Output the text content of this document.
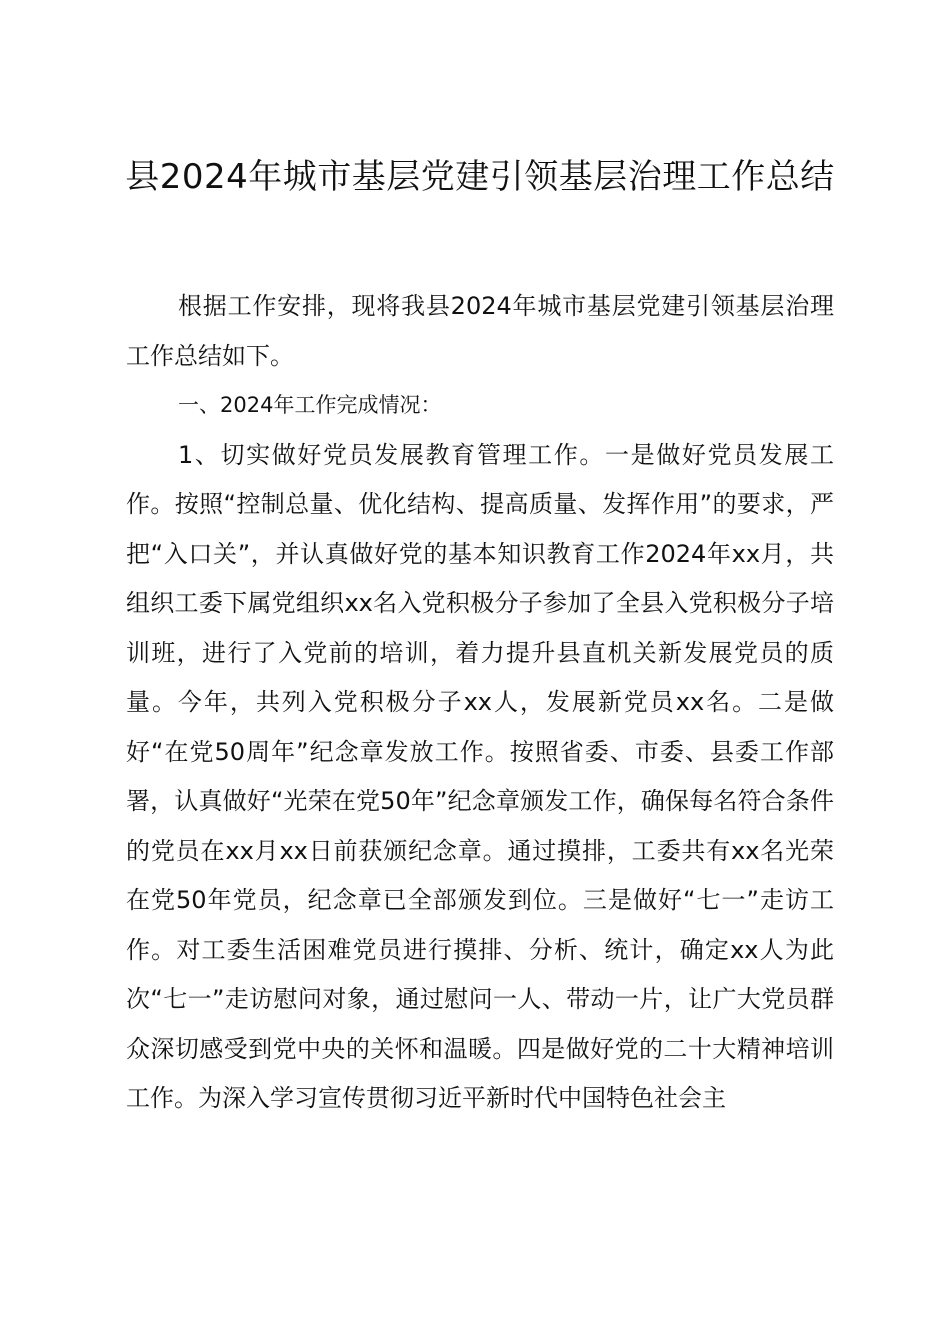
县2024年城市基层党建引领基层治理工作总结

根据工作安排，现将我县2024年城市基层党建引领基层治理工作总结如下。

一、2024年工作完成情况：

1、切实做好党员发展教育管理工作。一是做好党员发展工作。按照“控制总量、优化结构、提高质量、发挥作用”的要求，严把“入口关”，并认真做好党的基本知识教育工作2024年xx月，共组织工委下属党组织xx名入党积极分子参加了全县入党积极分子培训班，进行了入党前的培训，着力提升县直机关新发展党员的质量。今年，共列入党积极分子xx人，发展新党员xx名。二是做好“在党50周年”纪念章发放工作。按照省委、市委、县委工作部署，认真做好“光荣在党50年”纪念章颁发工作，确保每名符合条件的党员在xx月xx日前获颁纪念章。通过摸排，工委共有xx名光荣在党50年党员，纪念章已全部颁发到位。三是做好“七一”走访工作。对工委生活困难党员进行摸排、分析、统计，确定xx人为此次“七一”走访慰问对象，通过慰问一人、带动一片，让广大党员群众深切感受到党中央的关怀和温暖。四是做好党的二十大精神培训工作。为深入学习宣传贯彻习近平新时代中国特色社会主
